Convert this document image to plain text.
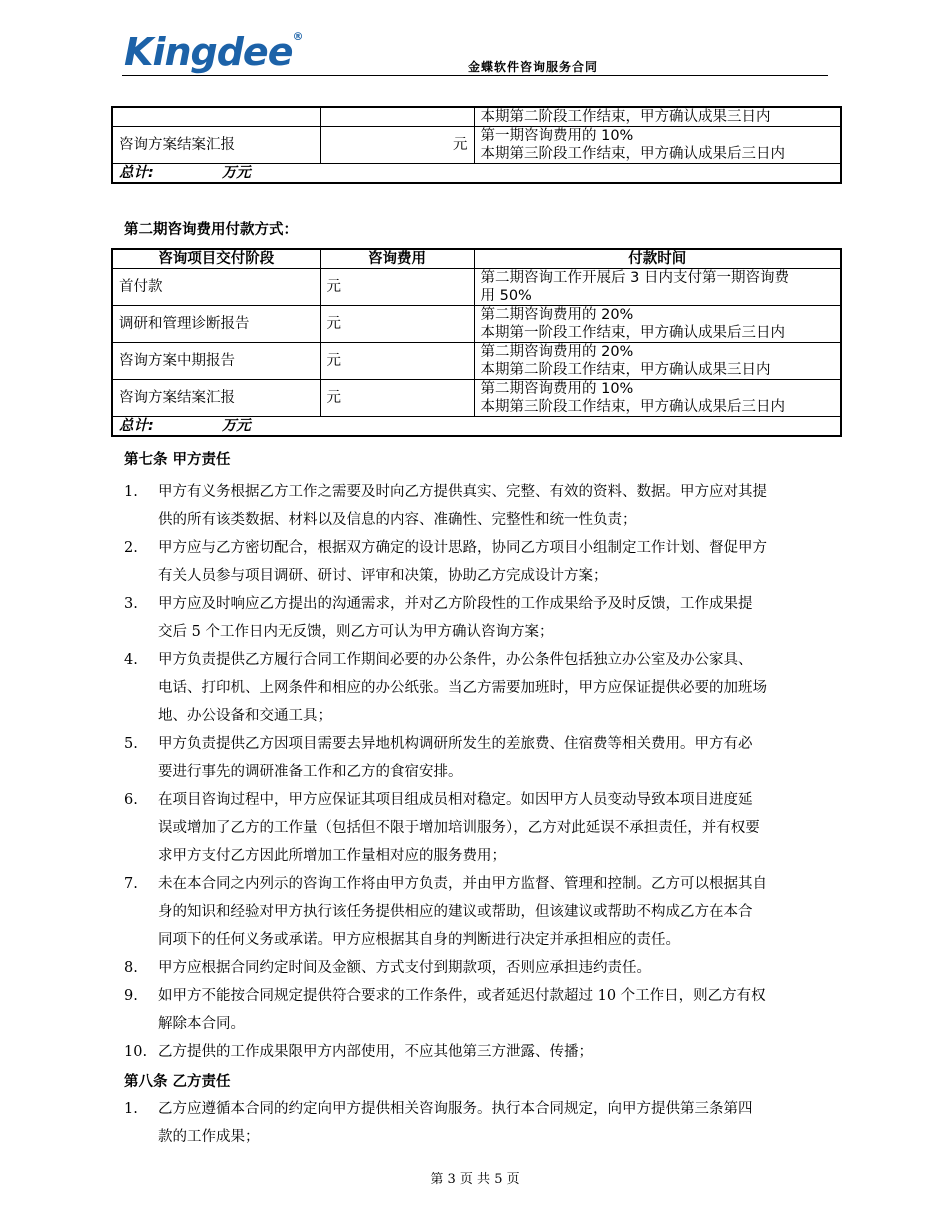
Kingdee®
金蝶软件咨询服务合同
		本期第二阶段工作结束，甲方确认成果三日内
咨询方案结案汇报	元	第一期咨询费用的 10%
本期第三阶段工作结束，甲方确认成果后三日内

总计: 万元		
第二期咨询费用付款方式：
咨询项目交付阶段	咨询费用	付款时间
首付款	元	第二期咨询工作开展后 3 日内支付第一期咨询费
用 50%

调研和管理诊断报告	元	第二期咨询费用的 20%
本期第一阶段工作结束，甲方确认成果后三日内

咨询方案中期报告	元	第二期咨询费用的 20%
本期第二阶段工作结束，甲方确认成果三日内

咨询方案结案汇报	元	第二期咨询费用的 10%
本期第三阶段工作结束，甲方确认成果后三日内

总计: 万元		
第七条 甲方责任
1. 甲方有义务根据乙方工作之需要及时向乙方提供真实、完整、有效的资料、数据。甲方应对其提
供的所有该类数据、材料以及信息的内容、准确性、完整性和统一性负责；
2. 甲方应与乙方密切配合，根据双方确定的设计思路，协同乙方项目小组制定工作计划、督促甲方
有关人员参与项目调研、研讨、评审和决策，协助乙方完成设计方案；
3. 甲方应及时响应乙方提出的沟通需求，并对乙方阶段性的工作成果给予及时反馈，工作成果提
交后 5 个工作日内无反馈，则乙方可认为甲方确认咨询方案；
4. 甲方负责提供乙方履行合同工作期间必要的办公条件，办公条件包括独立办公室及办公家具、
电话、打印机、上网条件和相应的办公纸张。当乙方需要加班时，甲方应保证提供必要的加班场
地、办公设备和交通工具；
5. 甲方负责提供乙方因项目需要去异地机构调研所发生的差旅费、住宿费等相关费用。甲方有必
要进行事先的调研准备工作和乙方的食宿安排。
6. 在项目咨询过程中，甲方应保证其项目组成员相对稳定。如因甲方人员变动导致本项目进度延
误或增加了乙方的工作量（包括但不限于增加培训服务），乙方对此延误不承担责任，并有权要
求甲方支付乙方因此所增加工作量相对应的服务费用；
7. 未在本合同之内列示的咨询工作将由甲方负责，并由甲方监督、管理和控制。乙方可以根据其自
身的知识和经验对甲方执行该任务提供相应的建议或帮助，但该建议或帮助不构成乙方在本合
同项下的任何义务或承诺。甲方应根据其自身的判断进行决定并承担相应的责任。
8. 甲方应根据合同约定时间及金额、方式支付到期款项，否则应承担违约责任。
9. 如甲方不能按合同规定提供符合要求的工作条件，或者延迟付款超过 10 个工作日，则乙方有权
解除本合同。
10. 乙方提供的工作成果限甲方内部使用，不应其他第三方泄露、传播；
第八条 乙方责任
1. 乙方应遵循本合同的约定向甲方提供相关咨询服务。执行本合同规定，向甲方提供第三条第四
款的工作成果；
第 3 页 共 5 页
